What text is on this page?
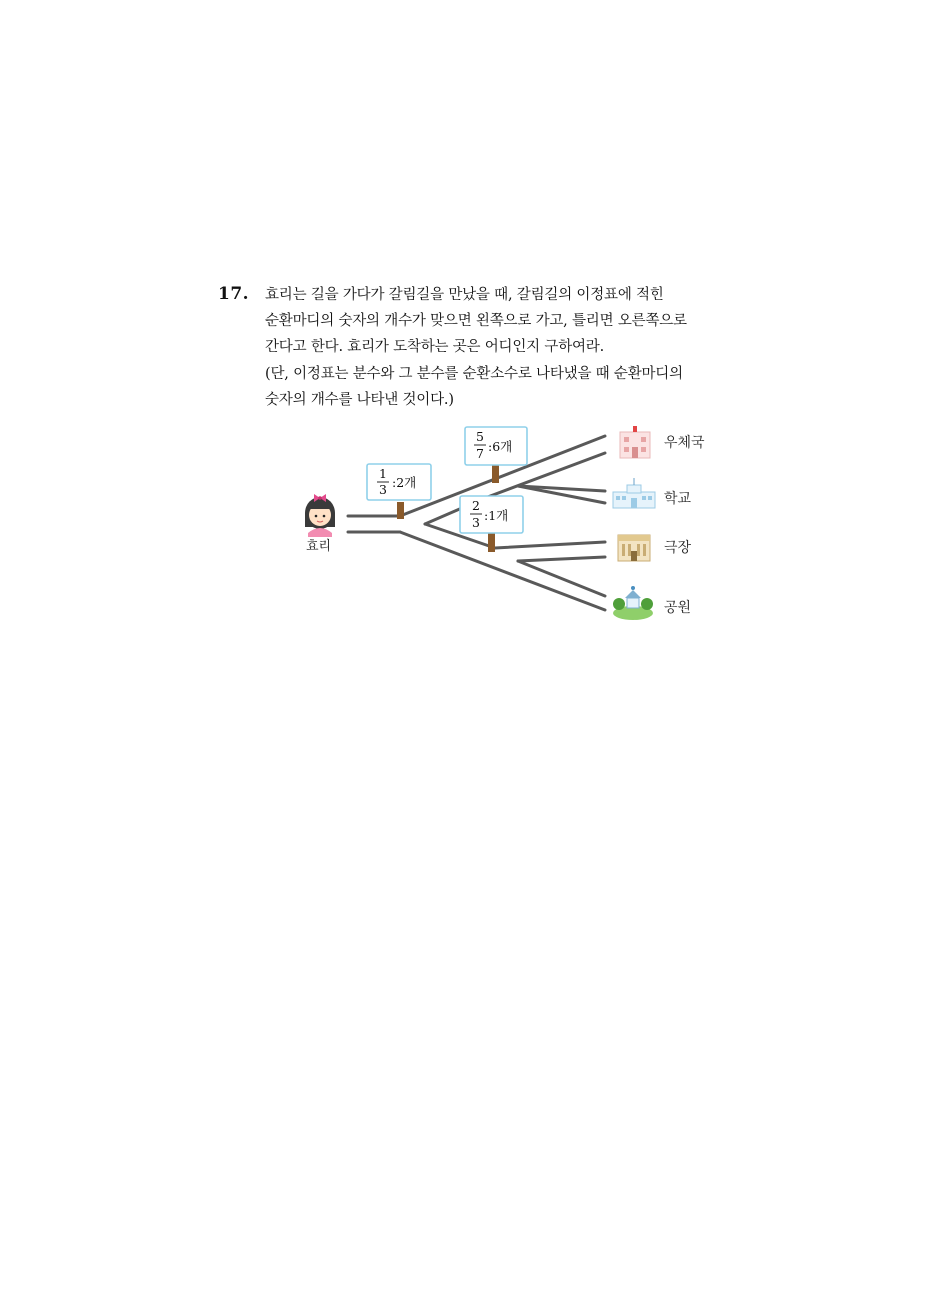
17. 효리는 길을 가다가 갈림길을 만났을 때, 갈림길의 이정표에 적힌
순환마디의 숫자의 개수가 맞으면 왼쪽으로 가고, 틀리면 오른쪽으로
간다고 한다. 효리가 도착하는 곳은 어디인지 구하여라.
(단, 이정표는 분수와 그 분수를 순환소수로 나타냈을 때 순환마디의
숫자의 개수를 나타낸 것이다.)
효리
1
3 :2개
5
7 :6개
2
3 :1개
우체국
학교
극장
공원
